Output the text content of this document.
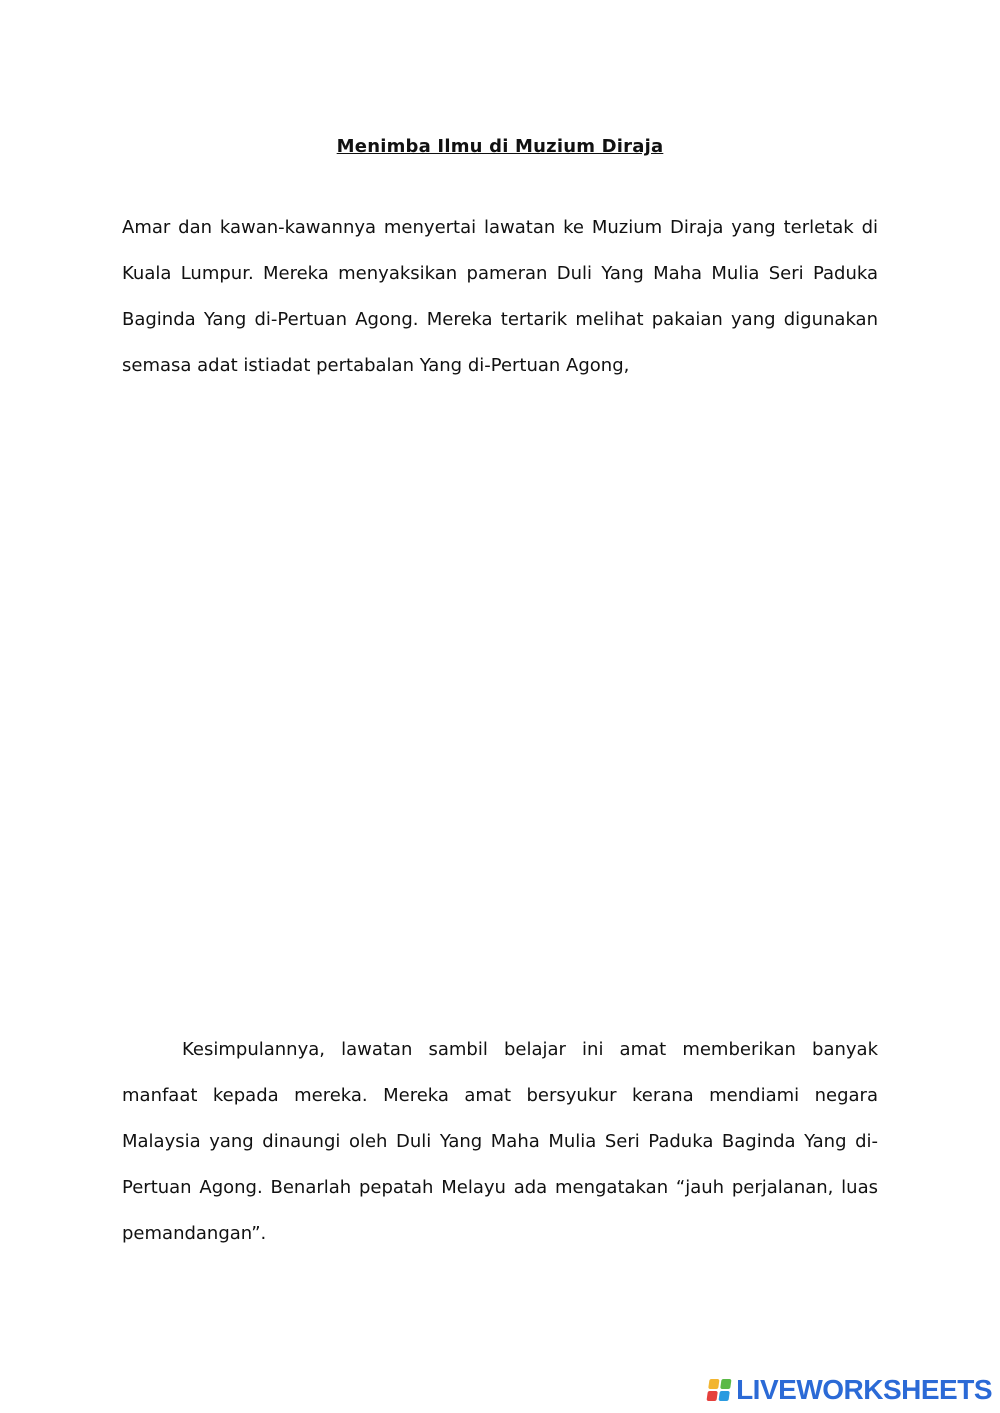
Menimba Ilmu di Muzium Diraja

Amar dan kawan-kawannya menyertai lawatan ke Muzium Diraja yang terletak di Kuala Lumpur. Mereka menyaksikan pameran Duli Yang Maha Mulia Seri Paduka Baginda Yang di-Pertuan Agong. Mereka tertarik melihat pakaian yang digunakan semasa adat istiadat pertabalan Yang di-Pertuan Agong,

Kesimpulannya, lawatan sambil belajar ini amat memberikan banyak manfaat kepada mereka. Mereka amat bersyukur kerana mendiami negara Malaysia yang dinaungi oleh Duli Yang Maha Mulia Seri Paduka Baginda Yang di-Pertuan Agong. Benarlah pepatah Melayu ada mengatakan “jauh perjalanan, luas pemandangan”.

LIVEWORKSHEETS
